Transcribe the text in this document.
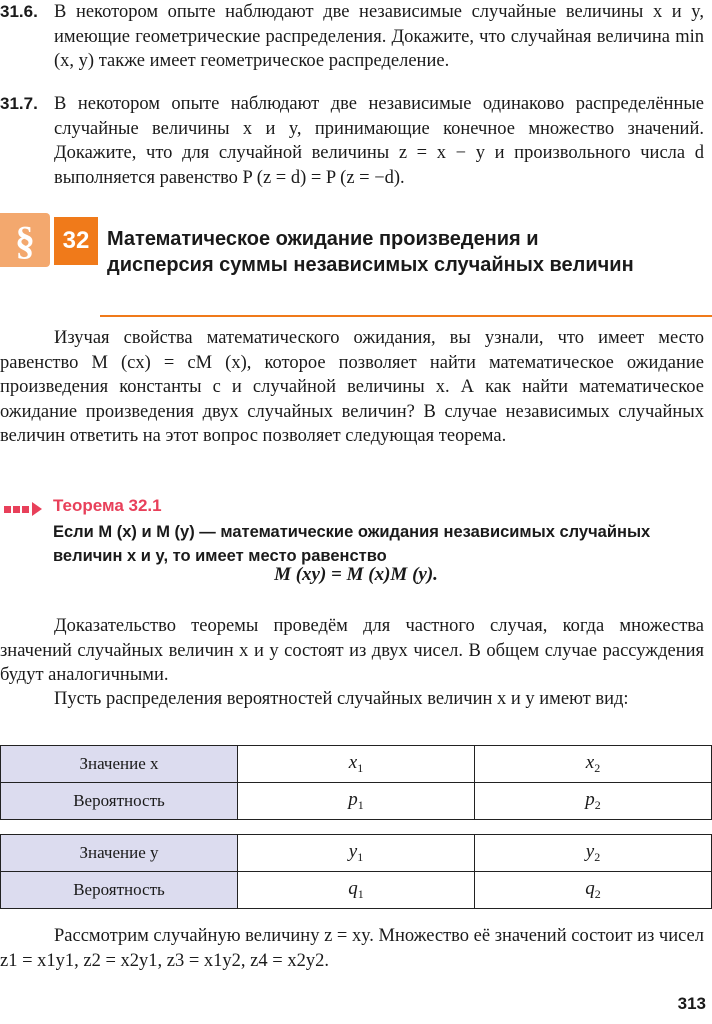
31.6. В некотором опыте наблюдают две независимые случайные величины x и y, имеющие геометрические распределения. Докажите, что случайная величина min (x, y) также имеет геометрическое распределение.

31.7. В некотором опыте наблюдают две независимые одинаково распределённые случайные величины x и y, принимающие конечное множество значений. Докажите, что для случайной величины z = x − y и произвольного числа d выполняется равенство P (z = d) = P (z = −d).

§	32 Математическое ожидание произведения и дисперсия суммы независимых случайных величин

Изучая свойства математического ожидания, вы узнали, что имеет место равенство M (cx) = cM (x), которое позволяет найти математическое ожидание произведения константы c и случайной величины x. А как найти математическое ожидание произведения двух случайных величин? В случае независимых случайных величин ответить на этот вопрос позволяет следующая теорема.

Теорема 32.1

Если M (x) и M (y) — математические ожидания независимых случайных величин x и y, то имеет место равенство

M (xy) = M (x)M (y).

Доказательство теоремы проведём для частного случая, когда множества значений случайных величин x и y состоят из двух чисел. В общем случае рассуждения будут аналогичными.

Пусть распределения вероятностей случайных величин x и y имеют вид:

Значение x	$x_1$	$x_2$
Вероятность	$p_1$	$p_2$
Значение y	$y_1$	$y_2$
Вероятность	$q_1$	$q_2$

Рассмотрим случайную величину z = xy. Множество её значений состоит из чисел z1 = x1y1, z2 = x2y1, z3 = x1y2, z4 = x2y2.

313
